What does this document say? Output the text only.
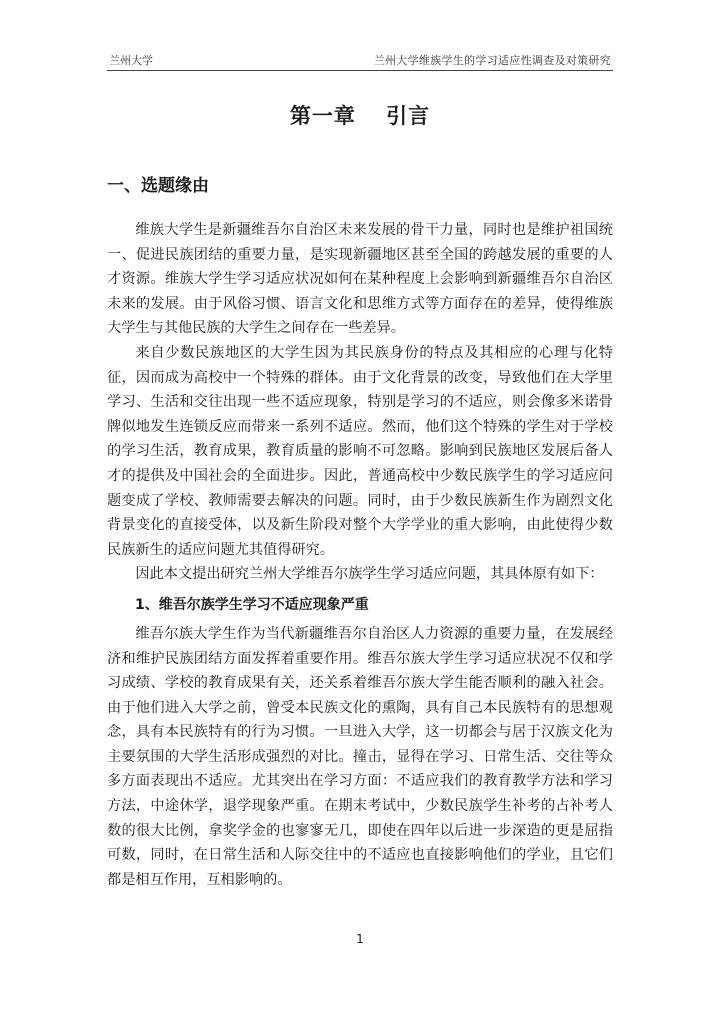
兰州大学	兰州大学维族学生的学习适应性调查及对策研究
第一章　 引言
一、选题缘由

维族大学生是新疆维吾尔自治区未来发展的骨干力量，同时也是维护祖国统一、促进民族团结的重要力量，是实现新疆地区甚至全国的跨越发展的重要的人才资源。维族大学生学习适应状况如何在某种程度上会影响到新疆维吾尔自治区未来的发展。由于风俗习惯、语言文化和思维方式等方面存在的差异，使得维族大学生与其他民族的大学生之间存在一些差异。

来自少数民族地区的大学生因为其民族身份的特点及其相应的心理与化特征，因而成为高校中一个特殊的群体。由于文化背景的改变，导致他们在大学里学习、生活和交往出现一些不适应现象，特别是学习的不适应，则会像多米诺骨牌似地发生连锁反应而带来一系列不适应。然而，他们这个特殊的学生对于学校的学习生活，教育成果，教育质量的影响不可忽略。影响到民族地区发展后备人才的提供及中国社会的全面进步。因此，普通高校中少数民族学生的学习适应问题变成了学校、教师需要去解决的问题。同时，由于少数民族新生作为剧烈文化背景变化的直接受体，以及新生阶段对整个大学学业的重大影响，由此使得少数民族新生的适应问题尤其值得研究。

因此本文提出研究兰州大学维吾尔族学生学习适应问题，其具体原有如下：

1、维吾尔族学生学习不适应现象严重

维吾尔族大学生作为当代新疆维吾尔自治区人力资源的重要力量，在发展经济和维护民族团结方面发挥着重要作用。维吾尔族大学生学习适应状况不仅和学习成绩、学校的教育成果有关，还关系着维吾尔族大学生能否顺利的融入社会。由于他们进入大学之前，曾受本民族文化的熏陶，具有自己本民族特有的思想观念，具有本民族特有的行为习惯。一旦进入大学，这一切都会与居于汉族文化为主要氛围的大学生活形成强烈的对比。撞击，显得在学习、日常生活、交往等众多方面表现出不适应。尤其突出在学习方面：不适应我们的教育教学方法和学习方法，中途休学，退学现象严重。在期末考试中，少数民族学生补考的占补考人数的很大比例，拿奖学金的也寥寥无几，即使在四年以后进一步深造的更是屈指可数，同时，在日常生活和人际交往中的不适应也直接影响他们的学业，且它们都是相互作用，互相影响的。

1
